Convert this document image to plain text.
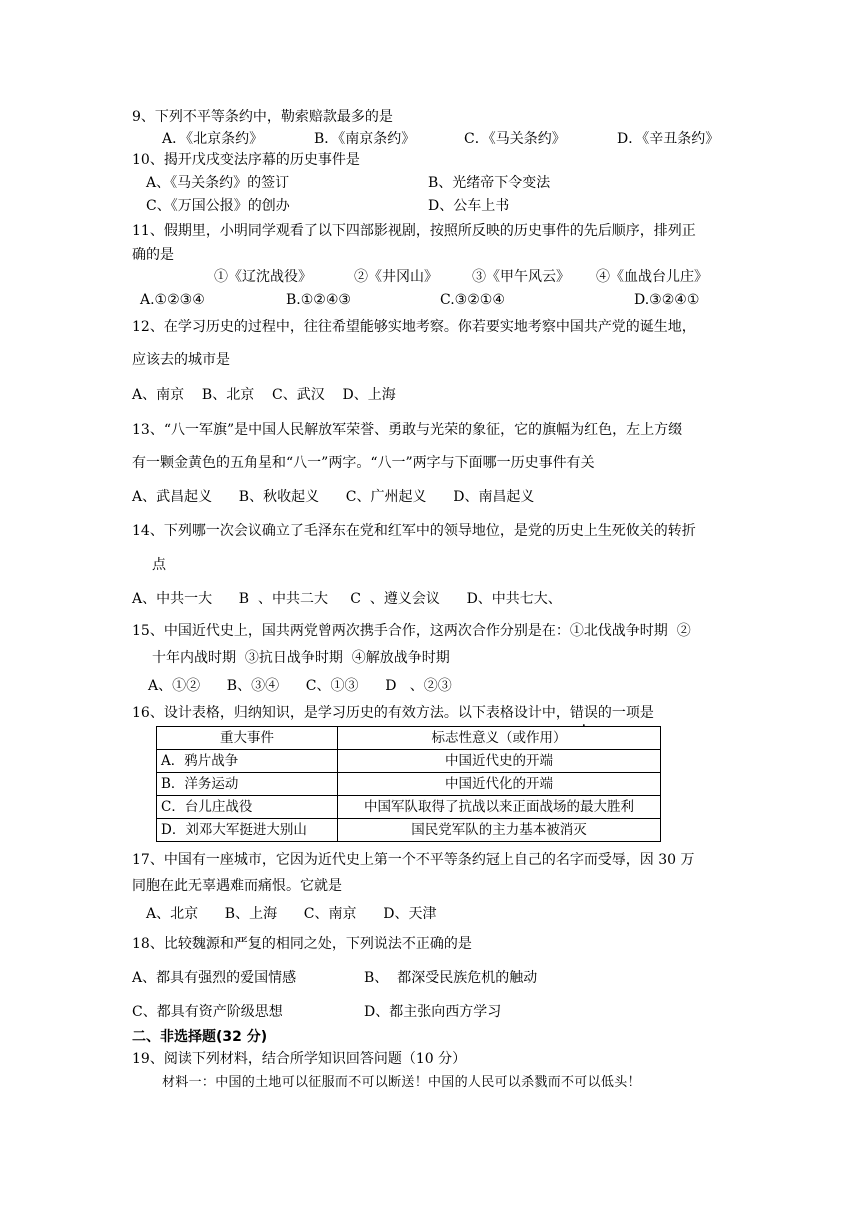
9、下列不平等条约中，勒索赔款最多的是
A．《北京条约》	B．《南京条约》	C．《马关条约》	D．《辛丑条约》
10、揭开戊戌变法序幕的历史事件是
A、《马关条约》的签订	B、光绪帝下令变法
C、《万国公报》的创办	D、公车上书
11、假期里，小明同学观看了以下四部影视剧，按照所反映的历史事件的先后顺序，排列正
确的是
①《辽沈战役》	②《井冈山》 ③《甲午风云》 ④《血战台儿庄》
A.①②③④	B.①②④③	C.③②①④	D.③②④①
12、在学习历史的过程中，往往希望能够实地考察。你若要实地考察中国共产党的诞生地，
应该去的城市是
A、南京    B、北京    C、武汉    D、上海
13、“八一军旗”是中国人民解放军荣誉、勇敢与光荣的象征，它的旗幅为红色，左上方缀
有一颗金黄色的五角星和“八一”两字。“八一”两字与下面哪一历史事件有关
A、武昌起义      B、秋收起义      C、广州起义      D、南昌起义
14、下列哪一次会议确立了毛泽东在党和红军中的领导地位，是党的历史上生死攸关的转折
点
A、中共一大      B  、中共二大     C  、遵义会议      D、中共七大、
15、中国近代史上，国共两党曾两次携手合作，这两次合作分别是在：①北伐战争时期  ②
十年内战时期  ③抗日战争时期  ④解放战争时期
A、①②      B、③④      C、①③      D   、②③
16、设计表格，归纳知识，是学习历史的有效方法。以下表格设计中，错误的一项是
重大事件	标志性意义（或作用）
A．鸦片战争	中国近代史的开端
B．洋务运动	中国近代化的开端
C．台儿庄战役	中国军队取得了抗战以来正面战场的最大胜利
D．刘邓大军挺进大别山	国民党军队的主力基本被消灭
17、中国有一座城市，它因为近代史上第一个不平等条约冠上自己的名字而受辱，因 30 万
同胞在此无辜遇难而痛恨。它就是
A、北京      B、上海      C、南京      D、天津
18、比较魏源和严复的相同之处，下列说法不正确的是
A、都具有强烈的爱国情感	B、  都深受民族危机的触动
C、都具有资产阶级思想	D、都主张向西方学习
二、非选择题(32 分)
19、阅读下列材料，结合所学知识回答问题（10 分）
材料一：中国的土地可以征服而不可以断送！中国的人民可以杀戮而不可以低头！
